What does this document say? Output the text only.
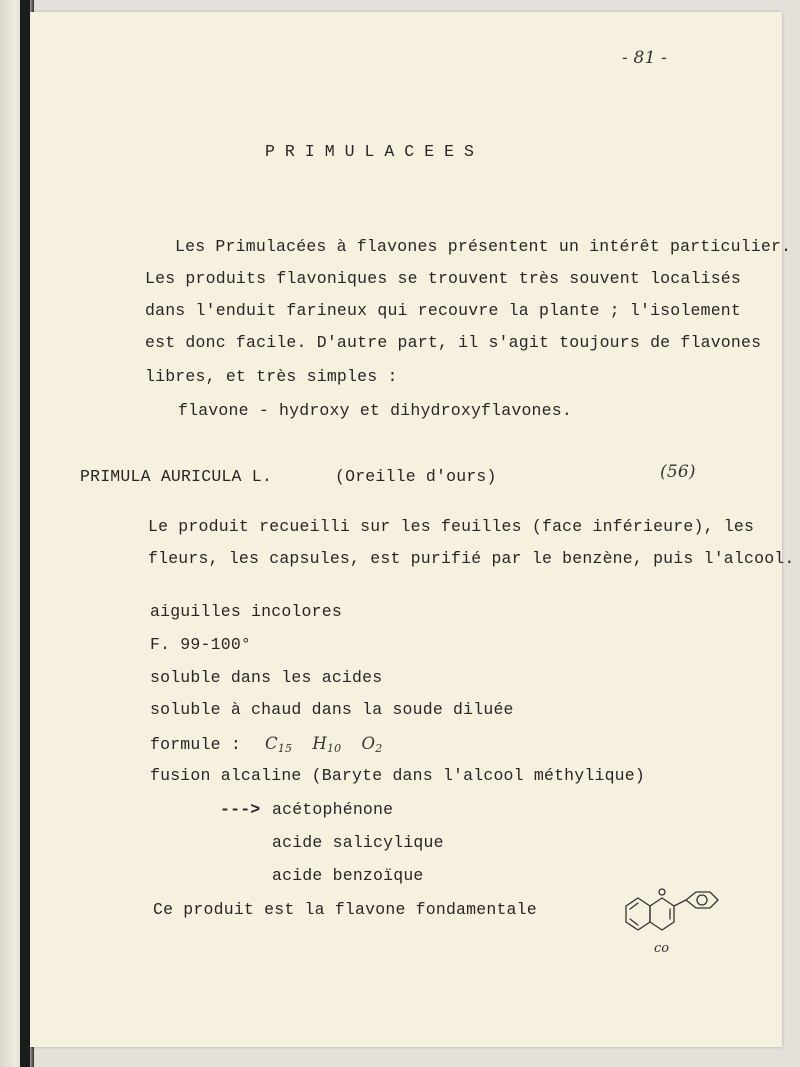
- 81 -
PRIMULACEES
Les Primulacées à flavones présentent un intérêt particulier.
Les produits flavoniques se trouvent très souvent localisés
dans l'enduit farineux qui recouvre la plante ; l'isolement
est donc facile. D'autre part, il s'agit toujours de flavones
libres, et très simples :
flavone - hydroxy et dihydroxyflavones.
PRIMULA AURICULA L.	(Oreille d'ours)	(56)
Le produit recueilli sur les feuilles (face inférieure), les
fleurs, les capsules, est purifié par le benzène, puis l'alcool.
aiguilles incolores
F. 99-100°
soluble dans les acides
soluble à chaud dans la soude diluée
formule : C15 H10 O2
fusion alcaline (Baryte dans l'alcool méthylique)
---> acétophénone
acide salicylique
acide benzoïque
Ce produit est la flavone fondamentale
co
